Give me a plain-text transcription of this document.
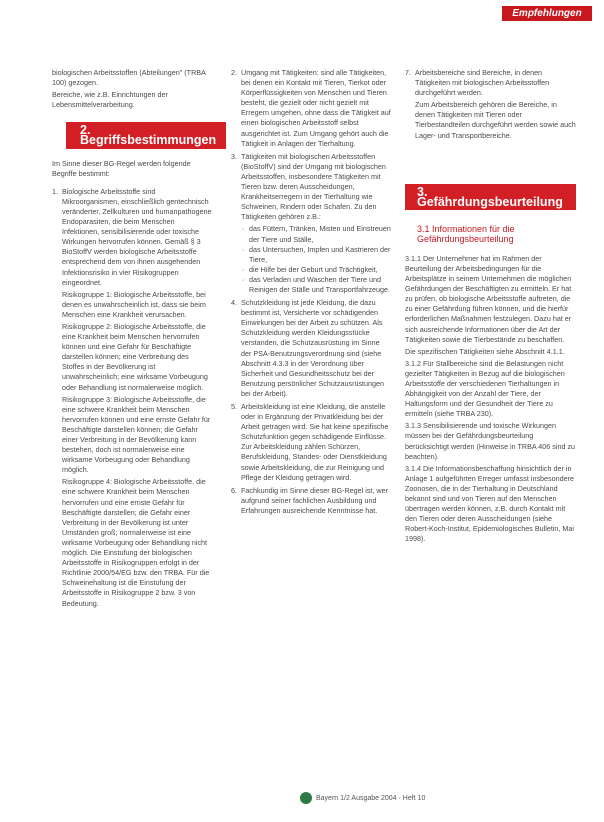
Empfehlungen

biologischen Arbeitsstoffen (Abteilungen" (TRBA 100) gezogen.

Bereiche, wie z.B. Einrichtungen der Lebensmittelverarbeitung.

2. Begriffsbestimmungen

Im Sinne dieser BG-Regel werden folgende Begriffe bestimmt:

1. Biologische Arbeitsstoffe sind Mikroorganismen, einschließlich gentechnisch veränderter, Zellkulturen und humanpathogene Endoparasiten, die beim Menschen Infektionen, sensibilisierende oder toxische Wirkungen hervorrufen können. Gemäß § 3 BioStoffV werden biologische Arbeitsstoffe entsprechend dem von ihnen ausgehenden Infektionsrisiko in vier Risikogruppen eingeordnet.

Risikogruppe 1: Biologische Arbeitsstoffe, bei denen es unwahrscheinlich ist, dass sie beim Menschen eine Krankheit verursachen.

Risikogruppe 2: Biologische Arbeitsstoffe, die eine Krankheit beim Menschen hervorrufen können und eine Gefahr für Beschäftigte darstellen können; eine Verbreitung des Stoffes in der Bevölkerung ist unwahrscheinlich; eine wirksame Vorbeugung oder Behandlung ist normalerweise möglich.

Risikogruppe 3: Biologische Arbeitsstoffe, die eine schwere Krankheit beim Menschen hervorrufen können und eine ernste Gefahr für Beschäftigte darstellen können; die Gefahr einer Verbreitung in der Bevölkerung kann bestehen, doch ist normalerweise eine wirksame Vorbeugung oder Behandlung möglich.

Risikogruppe 4: Biologische Arbeitsstoffe, die eine schwere Krankheit beim Menschen hervorrufen und eine ernste Gefahr für Beschäftigte darstellen; die Gefahr einer Verbreitung in der Bevölkerung ist unter Umständen groß; normalerweise ist eine wirksame Vorbeugung oder Behandlung nicht möglich. Die Einstufung der biologischen Arbeitsstoffe in Risikogruppen erfolgt in der Richtlinie 2000/54/EG bzw. den TRBA. Für die Schweinehaltung ist die Einstufung der Arbeitsstoffe in Risikogruppe 2 bzw. 3 von Bedeutung.

2. Umgang mit Tätigkeiten: sind alle Tätigkeiten, bei denen ein Kontakt mit Tieren, Tierkot oder Körperflüssigkeiten von Menschen und Tieren besteht, die gezielt oder nicht gezielt mit Erregern umgehen, ohne dass die Tätigkeit auf einen biologischen Arbeitsstoff selbst ausgerichtet ist. Zum Umgang gehört auch die Tätigkeit in Anlagen der Tierhaltung.

3. Tätigkeiten mit biologischen Arbeitsstoffen (BioStoffV) sind der Umgang mit biologischen Arbeitsstoffen, insbesondere Tätigkeiten mit Tieren bzw. deren Ausscheidungen, Krankheitserregern in der Tierhaltung wie Schweinen, Rindern oder Schafen. Zu den Tätigkeiten gehören z.B.:

· das Füttern, Tränken, Misten und Einstreuen der Tiere und Ställe,
· das Untersuchen, Impfen und Kastrieren der Tiere,
· die Hilfe bei der Geburt und Trächtigkeit,
· das Verladen und Waschen der Tiere und Reinigen der Ställe und Transportfahrzeuge.
4. Schutzkleidung ist jede Kleidung, die dazu bestimmt ist, Versicherte vor schädigenden Einwirkungen bei der Arbeit zu schützen. Als Schutzkleidung werden Kleidungsstücke verstanden, die Schutzausrüstung im Sinne der PSA-Benutzungsverordnung sind (siehe Abschnitt 4.3.3 in der Verordnung über Sicherheit und Gesundheitsschutz bei der Benutzung persönlicher Schutzausrüstungen bei der Arbeit).

5. Arbeitskleidung ist eine Kleidung, die anstelle oder in Ergänzung der Privatkleidung bei der Arbeit getragen wird. Sie hat keine spezifische Schutzfunktion gegen schädigende Einflüsse. Zur Arbeitskleidung zählen Schürzen, Berufskleidung, Standes- oder Dienstkleidung sowie Arbeitskleidung, die zur Reinigung und Pflege der Kleidung getragen wird.

6. Fachkundig im Sinne dieser BG-Regel ist, wer aufgrund seiner fachlichen Ausbildung und Erfahrungen ausreichende Kenntnisse hat.

7. Arbeitsbereiche sind Bereiche, in denen Tätigkeiten mit biologischen Arbeitsstoffen durchgeführt werden.

Zum Arbeitsbereich gehören die Bereiche, in denen Tätigkeiten mit Tieren oder Tierbestandteilen durchgeführt werden sowie auch Lager- und Transportbereiche.

3. Gefährdungsbeurteilung
3.1 Informationen für die Gefährdungsbeurteilung

3.1.1 Der Unternehmer hat im Rahmen der Beurteilung der Arbeitsbedingungen für die Arbeitsplätze in seinem Unternehmen die möglichen Gefährdungen der Beschäftigten zu ermitteln. Er hat zu prüfen, ob biologische Arbeitsstoffe auftreten, die zu einer Gefährdung führen können, und die hierfür erforderlichen Maßnahmen festzulegen. Dazu hat er sich ausreichende Informationen über die Art der Tätigkeiten sowie die Tierbestände zu beschaffen.

Die spezifischen Tätigkeiten siehe Abschnitt 4.1.1.

3.1.2 Für Stallbereiche sind die Belastungen nicht gezielter Tätigkeiten in Bezug auf die biologischen Arbeitsstoffe der verschiedenen Tierhaltungen in Abhängigkeit von der Anzahl der Tiere, der Haltungsform und der Gesundheit der Tiere zu ermitteln (siehe TRBA 230).

3.1.3 Sensibilisierende und toxische Wirkungen müssen bei der Gefährdungsbeurteilung berücksichtigt werden (Hinweise in TRBA 406 sind zu beachten).

3.1.4 Die Informationsbeschaffung hinsichtlich der in Anlage 1 aufgeführten Erreger umfasst insbesondere Zoonosen, die in der Tierhaltung in Deutschland bekannt sind und von Tieren auf den Menschen übertragen werden können, z.B. durch Kontakt mit den Tieren oder deren Ausscheidungen (siehe Robert-Koch-Institut, Epidemiologisches Bulletin, Mai 1998).

Bayern 1/2 Ausgabe 2004 · Heft 10
